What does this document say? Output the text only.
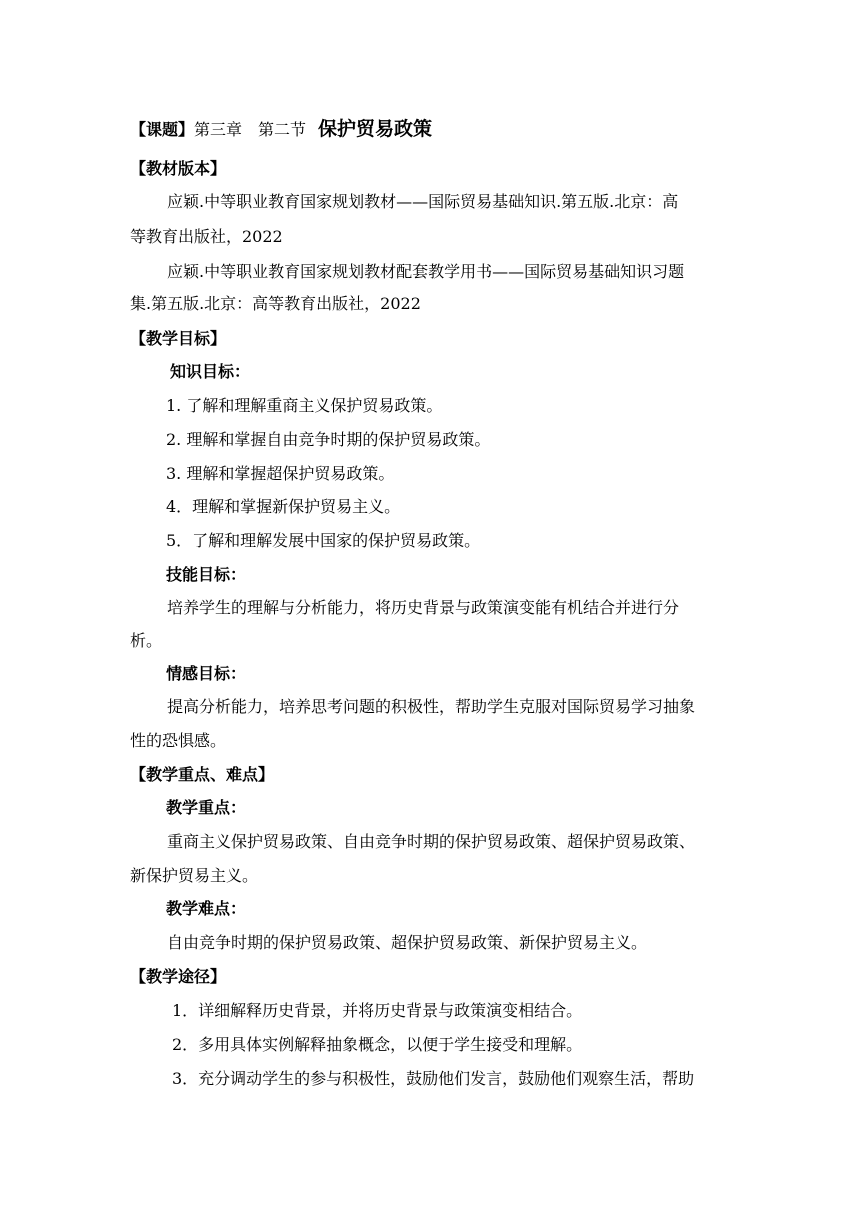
【课题】第三章 第二节 保护贸易政策
【教材版本】
应颖.中等职业教育国家规划教材——国际贸易基础知识.第五版.北京：高
等教育出版社，2022
应颖.中等职业教育国家规划教材配套教学用书——国际贸易基础知识习题
集.第五版.北京：高等教育出版社，2022
【教学目标】
知识目标：
1. 了解和理解重商主义保护贸易政策。
2. 理解和掌握自由竞争时期的保护贸易政策。
3. 理解和掌握超保护贸易政策。
4．理解和掌握新保护贸易主义。
5．了解和理解发展中国家的保护贸易政策。
技能目标：
培养学生的理解与分析能力，将历史背景与政策演变能有机结合并进行分
析。
情感目标：
提高分析能力，培养思考问题的积极性，帮助学生克服对国际贸易学习抽象
性的恐惧感。
【教学重点、难点】
教学重点：
重商主义保护贸易政策、自由竞争时期的保护贸易政策、超保护贸易政策、
新保护贸易主义。
教学难点：
自由竞争时期的保护贸易政策、超保护贸易政策、新保护贸易主义。
【教学途径】
1．详细解释历史背景，并将历史背景与政策演变相结合。
2．多用具体实例解释抽象概念，以便于学生接受和理解。
3．充分调动学生的参与积极性，鼓励他们发言，鼓励他们观察生活，帮助
